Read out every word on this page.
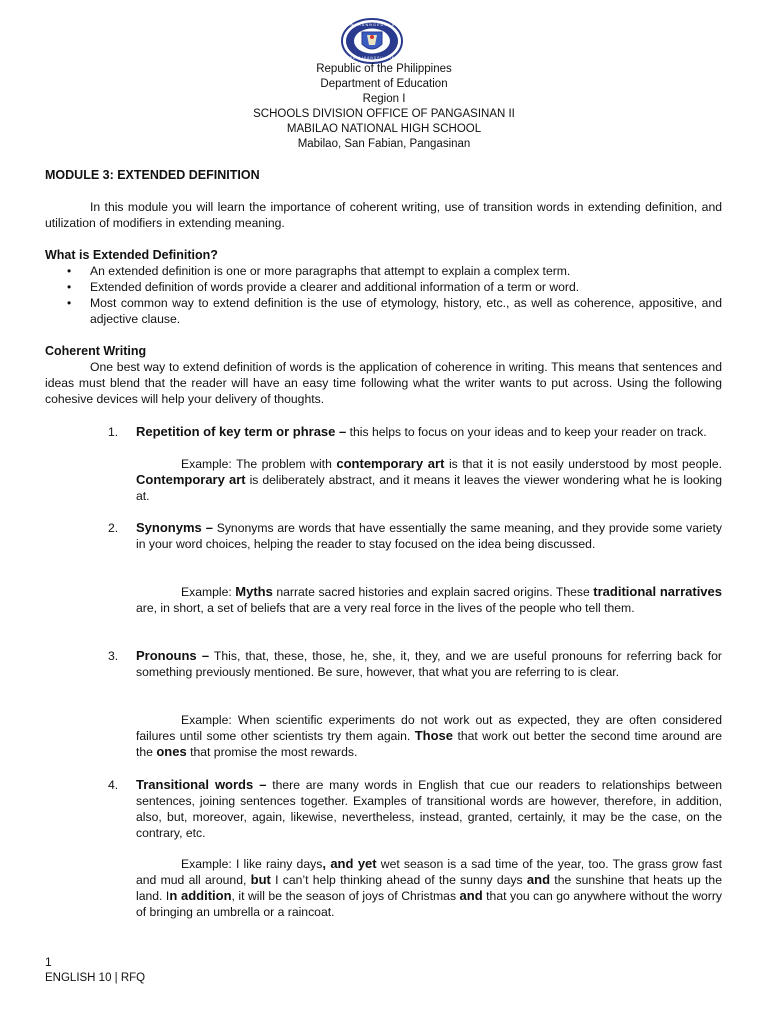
K A G A W A R A N N G E D U K A S Y O N
R E P U B L I K A N G P I L I P I N A S
Republic of the Philippines
Department of Education
Region I
SCHOOLS DIVISION OFFICE OF PANGASINAN II
MABILAO NATIONAL HIGH SCHOOL
Mabilao, San Fabian, Pangasinan
MODULE 3: EXTENDED DEFINITION
In this module you will learn the importance of coherent writing, use of transition words in extending definition, and utilization of modifiers in extending meaning.
What is Extended Definition?
• An extended definition is one or more paragraphs that attempt to explain a complex term.
• Extended definition of words provide a clearer and additional information of a term or word.
• Most common way to extend definition is the use of etymology, history, etc., as well as coherence, appositive, and adjective clause.
Coherent Writing
One best way to extend definition of words is the application of coherence in writing. This means that sentences and ideas must blend that the reader will have an easy time following what the writer wants to put across. Using the following cohesive devices will help your delivery of thoughts.
1.	Repetition of key term or phrase – this helps to focus on your ideas and to keep your reader on track.
Example: The problem with contemporary art is that it is not easily understood by most people. Contemporary art is deliberately abstract, and it means it leaves the viewer wondering what he is looking at.
2.	Synonyms – Synonyms are words that have essentially the same meaning, and they provide some variety in your word choices, helping the reader to stay focused on the idea being discussed.
Example: Myths narrate sacred histories and explain sacred origins. These traditional narratives are, in short, a set of beliefs that are a very real force in the lives of the people who tell them.
3.	Pronouns – This, that, these, those, he, she, it, they, and we are useful pronouns for referring back for something previously mentioned. Be sure, however, that what you are referring to is clear.
Example: When scientific experiments do not work out as expected, they are often considered failures until some other scientists try them again. Those that work out better the second time around are the ones that promise the most rewards.
4.	Transitional words – there are many words in English that cue our readers to relationships between sentences, joining sentences together. Examples of transitional words are however, therefore, in addition, also, but, moreover, again, likewise, nevertheless, instead, granted, certainly, it may be the case, on the contrary, etc.
Example: I like rainy days, and yet wet season is a sad time of the year, too. The grass grow fast and mud all around, but I can’t help thinking ahead of the sunny days and the sunshine that heats up the land. In addition, it will be the season of joys of Christmas and that you can go anywhere without the worry of bringing an umbrella or a raincoat.
1
ENGLISH 10 | RFQ
